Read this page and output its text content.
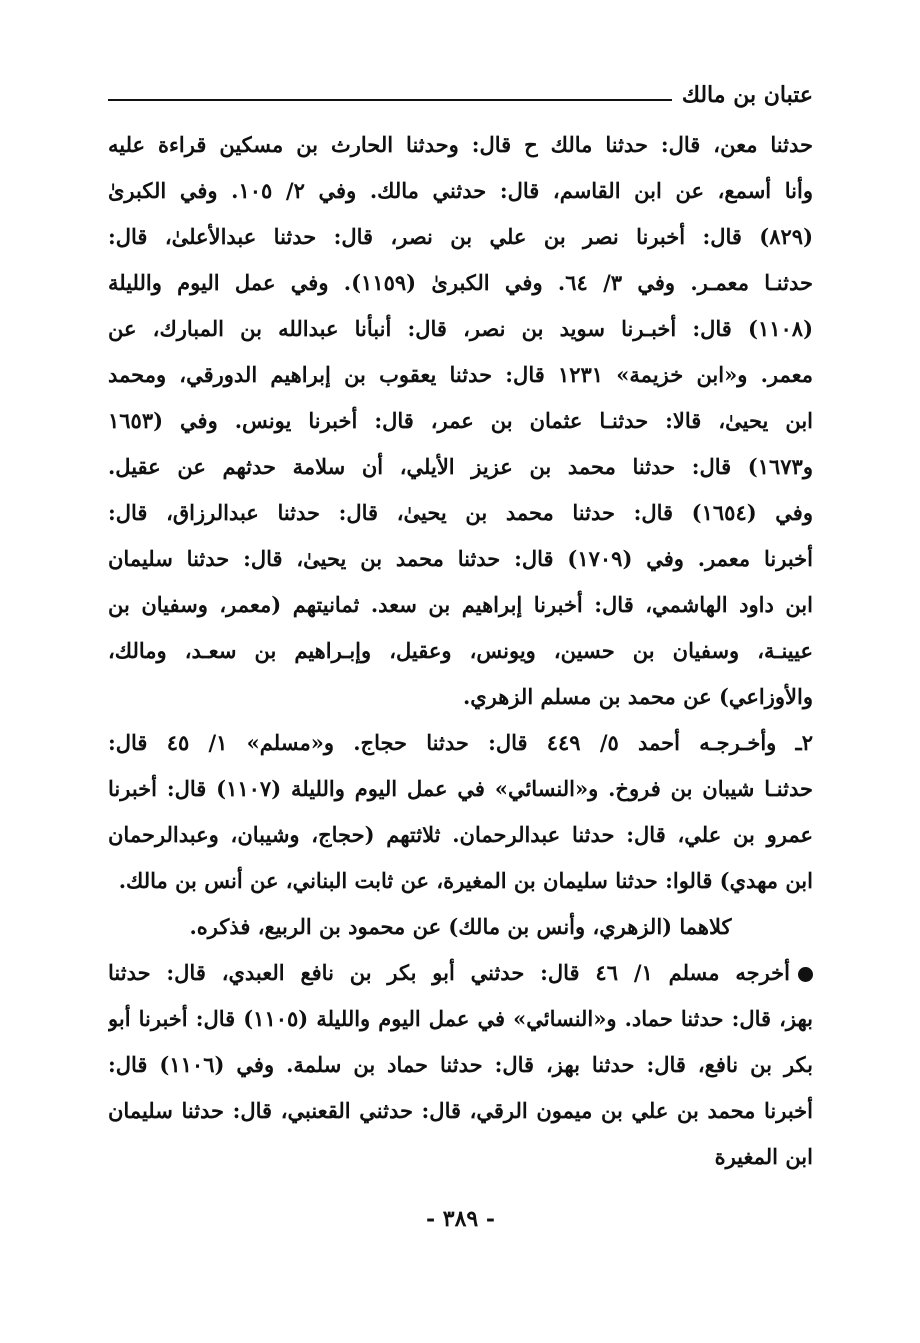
عتبان بن مالك
حدثنا معن، قال: حدثنا مالك ح قال: وحدثنا الحارث بن مسكين قراءة عليه
وأنا أسمع، عن ابن القاسم، قال: حدثني مالك. وفي ٢/ ١٠٥. وفي الكبرىٰ
(٨٢٩) قال: أخبرنا نصر بن علي بن نصر، قال: حدثنا عبدالأعلىٰ، قال:
حدثنـا معمـر. وفي ٣/ ٦٤. وفي الكبرىٰ (١١٥٩). وفي عمل اليوم والليلة
(١١٠٨) قال: أخبـرنا سويد بن نصر، قال: أنبأنا عبدالله بن المبارك، عن
معمر. و«ابن خزيمة» ١٢٣١ قال: حدثنا يعقوب بن إبراهيم الدورقي، ومحمد
ابن يحيىٰ، قالا: حدثنـا عثمان بن عمر، قال: أخبرنا يونس. وفي (١٦٥٣
و١٦٧٣) قال: حدثنا محمد بن عزيز الأيلي، أن سلامة حدثهم عن عقيل.
وفي (١٦٥٤) قال: حدثنا محمد بن يحيىٰ، قال: حدثنا عبدالرزاق، قال:
أخبرنا معمر. وفي (١٧٠٩) قال: حدثنا محمد بن يحيىٰ، قال: حدثنا سليمان
ابن داود الهاشمي، قال: أخبرنا إبراهيم بن سعد. ثمانيتهم (معمر، وسفيان بن
عيينـة، وسفيان بن حسين، ويونس، وعقيل، وإبـراهيم بن سعـد، ومالك،
والأوزاعي) عن محمد بن مسلم الزهري.
٢ـ وأخـرجـه أحمد ٥/ ٤٤٩ قال: حدثنا حجاج. و«مسلم» ١/ ٤٥ قال:
حدثنـا شيبان بن فروخ. و«النسائي» في عمل اليوم والليلة (١١٠٧) قال: أخبرنا
عمرو بن علي، قال: حدثنا عبدالرحمان. ثلاثتهم (حجاج، وشيبان، وعبدالرحمان
ابن مهدي) قالوا: حدثنا سليمان بن المغيرة، عن ثابت البناني، عن أنس بن مالك.
كلاهما (الزهري، وأنس بن مالك) عن محمود بن الربيع، فذكره.
أخرجه مسلم ١/ ٤٦ قال: حدثني أبو بكر بن نافع العبدي، قال: حدثنا
بهز، قال: حدثنا حماد. و«النسائي» في عمل اليوم والليلة (١١٠٥) قال: أخبرنا أبو
بكر بن نافع، قال: حدثنا بهز، قال: حدثنا حماد بن سلمة. وفي (١١٠٦) قال:
أخبرنا محمد بن علي بن ميمون الرقي، قال: حدثني القعنبي، قال: حدثنا سليمان
ابن المغيرة
- ٣٨٩ -
